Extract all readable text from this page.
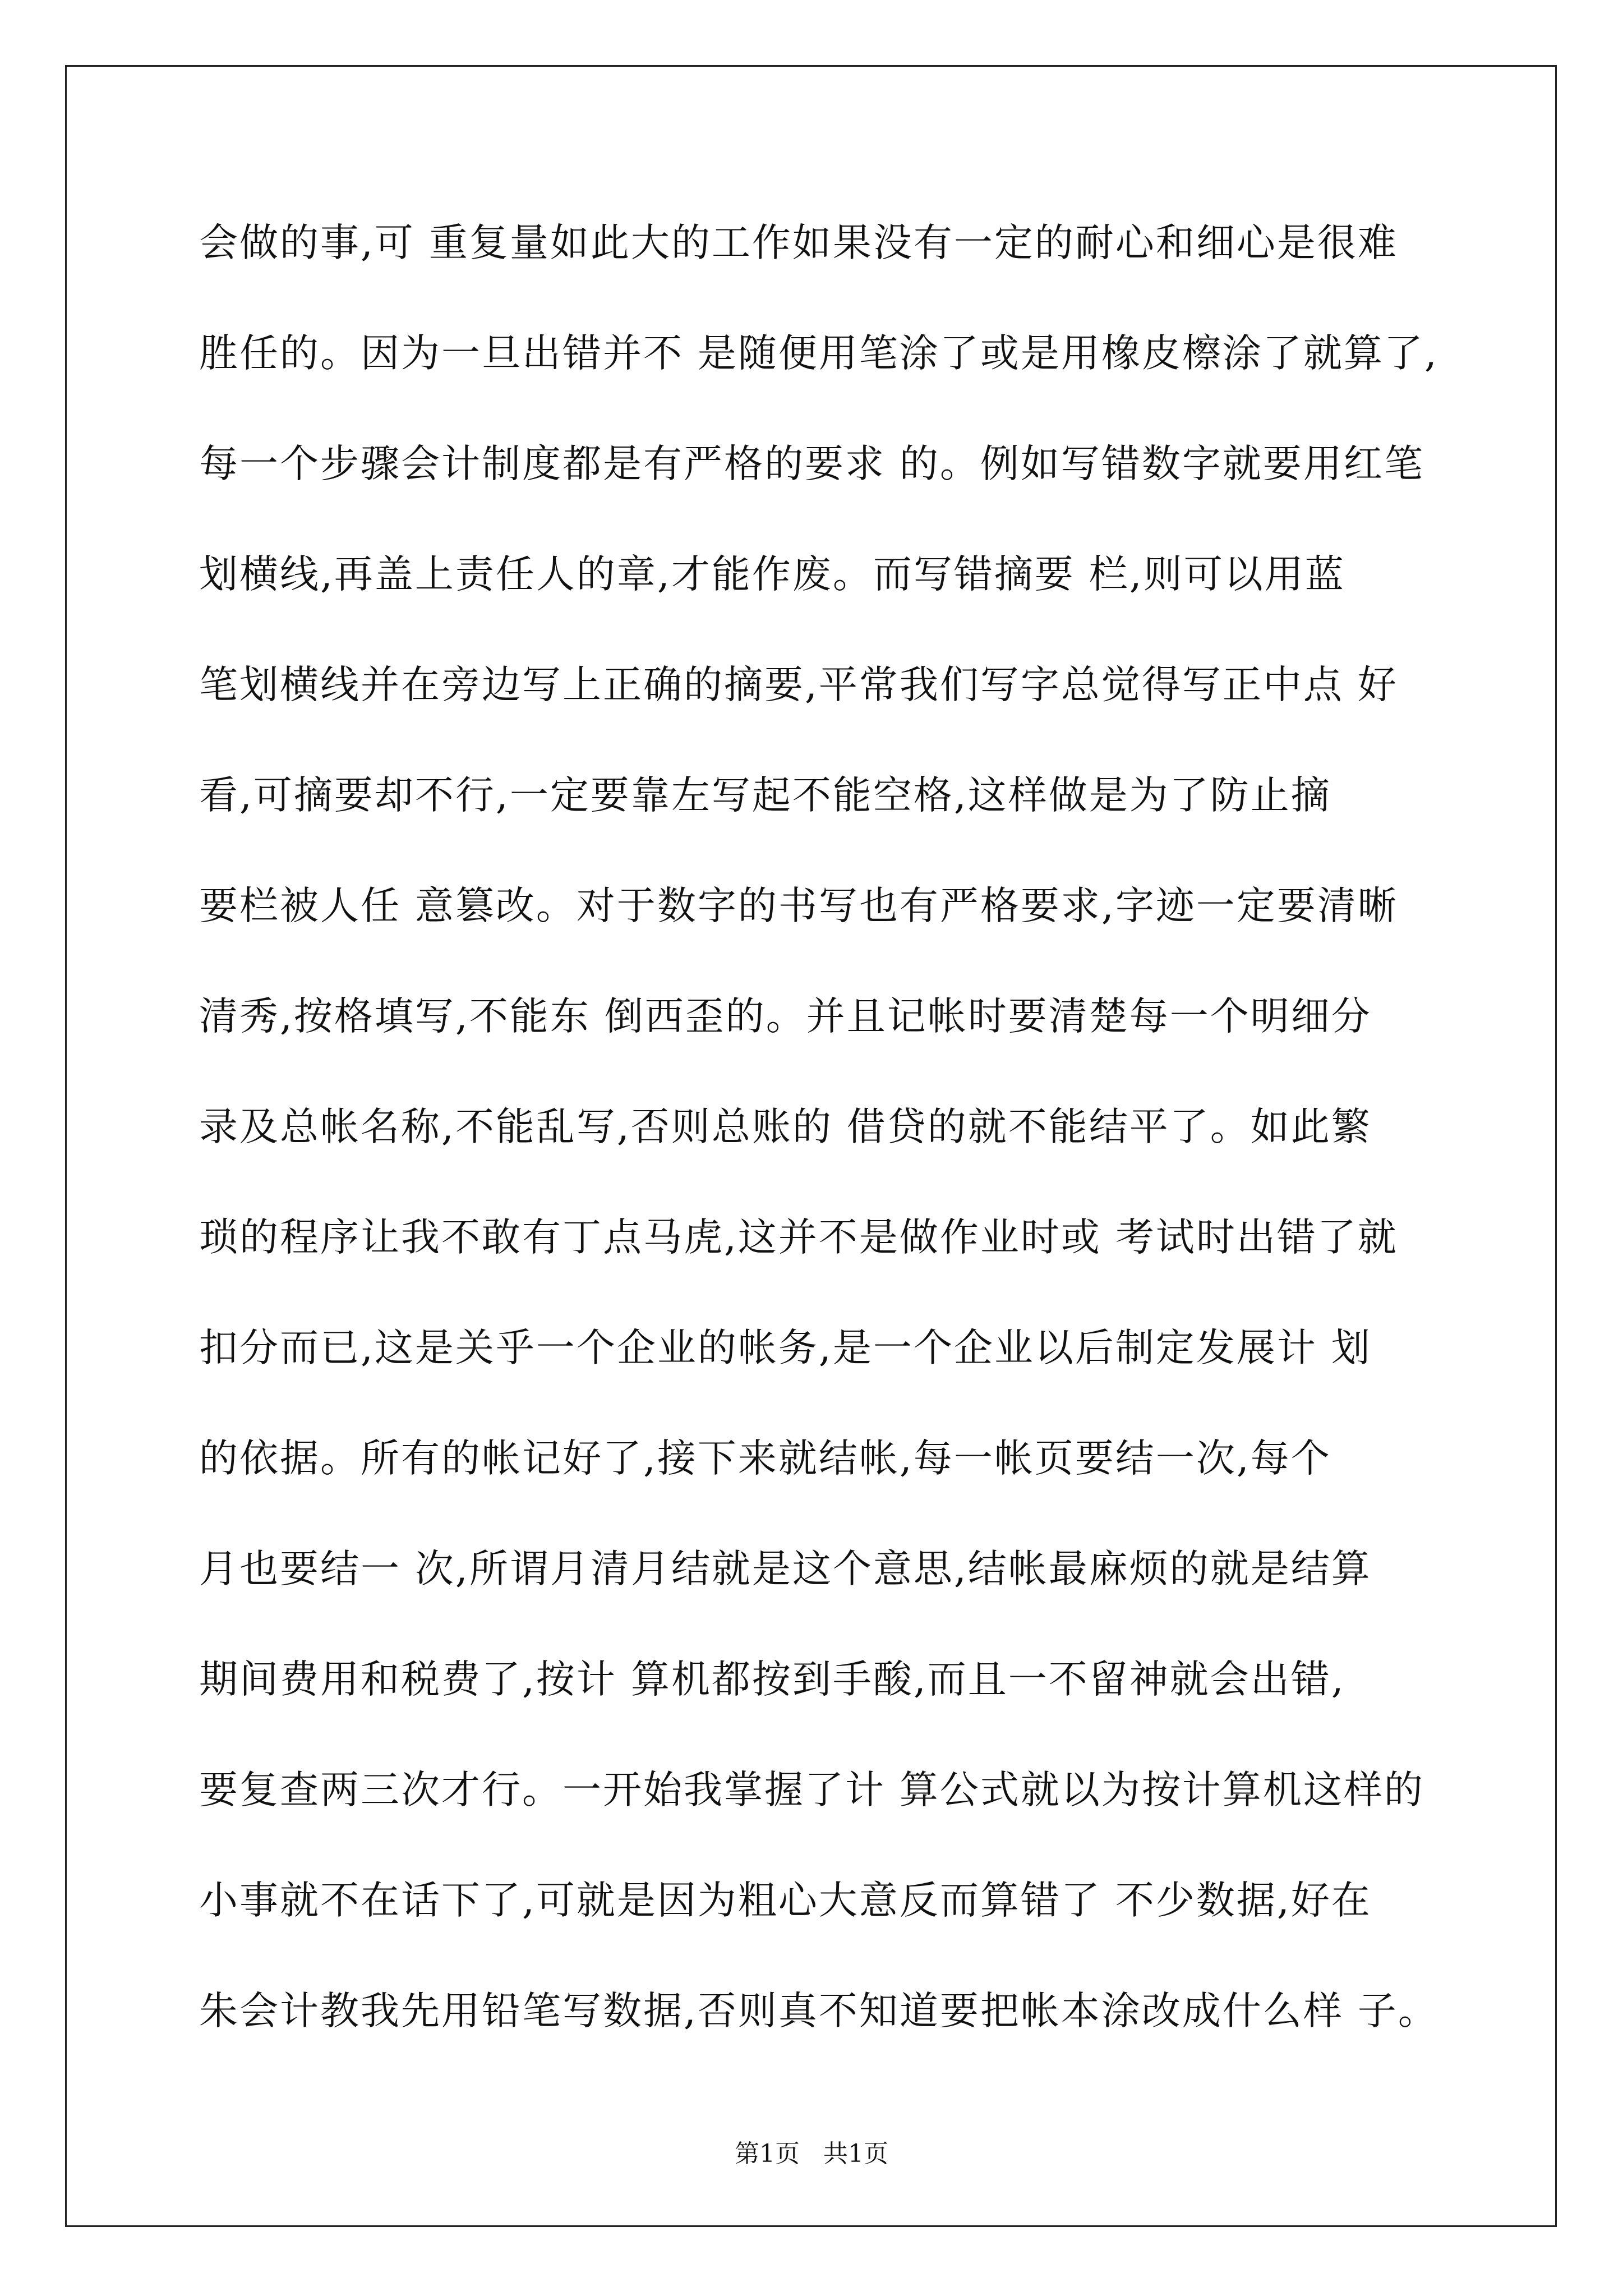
会做的事,可 重复量如此大的工作如果没有一定的耐心和细心是很难
胜任的。因为一旦出错并不 是随便用笔涂了或是用橡皮檫涂了就算了,
每一个步骤会计制度都是有严格的要求 的。例如写错数字就要用红笔
划横线,再盖上责任人的章,才能作废。而写错摘要 栏,则可以用蓝
笔划横线并在旁边写上正确的摘要,平常我们写字总觉得写正中点 好
看,可摘要却不行,一定要靠左写起不能空格,这样做是为了防止摘
要栏被人任 意篡改。对于数字的书写也有严格要求,字迹一定要清晰
清秀,按格填写,不能东 倒西歪的。并且记帐时要清楚每一个明细分
录及总帐名称,不能乱写,否则总账的 借贷的就不能结平了。如此繁
琐的程序让我不敢有丁点马虎,这并不是做作业时或 考试时出错了就
扣分而已,这是关乎一个企业的帐务,是一个企业以后制定发展计 划
的依据。所有的帐记好了,接下来就结帐,每一帐页要结一次,每个
月也要结一 次,所谓月清月结就是这个意思,结帐最麻烦的就是结算
期间费用和税费了,按计 算机都按到手酸,而且一不留神就会出错,
要复查两三次才行。一开始我掌握了计 算公式就以为按计算机这样的
小事就不在话下了,可就是因为粗心大意反而算错了 不少数据,好在
朱会计教我先用铅笔写数据,否则真不知道要把帐本涂改成什么样 子。
第1页   共1页
